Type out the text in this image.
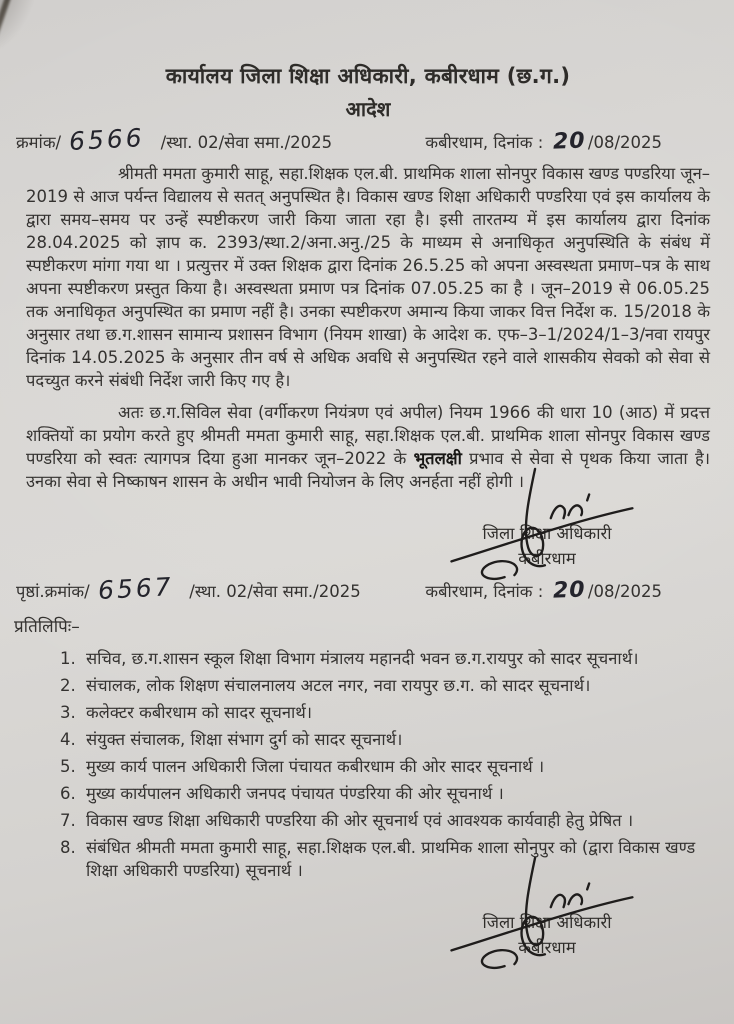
कार्यालय जिला शिक्षा अधिकारी, कबीरधाम (छ.ग.)
आदेश
क्रमांक/ 6566 /स्था. 02/सेवा समा./2025	कबीरधाम, दिनांक : 20/08/2025

श्रीमती ममता कुमारी साहू, सहा.शिक्षक एल.बी. प्राथमिक शाला सोनपुर विकास खण्ड पण्डरिया जून–2019 से आज पर्यन्त विद्यालय से सतत् अनुपस्थित है। विकास खण्ड शिक्षा अधिकारी पण्डरिया एवं इस कार्यालय के द्वारा समय–समय पर उन्हें स्पष्टीकरण जारी किया जाता रहा है। इसी तारतम्य में इस कार्यालय द्वारा दिनांक 28.04.2025 को ज्ञाप क. 2393/स्था.2/अना.अनु./25 के माध्यम से अनाधिकृत अनुपस्थिति के संबंध में स्पष्टीकरण मांगा गया था । प्रत्युत्तर में उक्त शिक्षक द्वारा दिनांक 26.5.25 को अपना अस्वस्थता प्रमाण–पत्र के साथ अपना स्पष्टीकरण प्रस्तुत किया है। अस्वस्थता प्रमाण पत्र दिनांक 07.05.25 का है । जून–2019 से 06.05.25 तक अनाधिकृत अनुपस्थित का प्रमाण नहीं है। उनका स्पष्टीकरण अमान्य किया जाकर वित्त निर्देश क. 15/2018 के अनुसार तथा छ.ग.शासन सामान्य प्रशासन विभाग (नियम शाखा) के आदेश क. एफ–3–1/2024/1–3/नवा रायपुर दिनांक 14.05.2025 के अनुसार तीन वर्ष से अधिक अवधि से अनुपस्थित रहने वाले शासकीय सेवको को सेवा से पदच्युत करने संबंधी निर्देश जारी किए गए है।

अतः छ.ग.सिविल सेवा (वर्गीकरण नियंत्रण एवं अपील) नियम 1966 की धारा 10 (आठ) में प्रदत्त शक्तियों का प्रयोग करते हुए श्रीमती ममता कुमारी साहू, सहा.शिक्षक एल.बी. प्राथमिक शाला सोनपुर विकास खण्ड पण्डरिया को स्वतः त्यागपत्र दिया हुआ मानकर जून–2022 के भूतलक्षी प्रभाव से सेवा से पृथक किया जाता है। उनका सेवा से निष्काषन शासन के अधीन भावी नियोजन के लिए अनर्हता नहीं होगी ।

जिला शिक्षा अधिकारी
कबीरधाम
पृष्ठां.क्रमांक/ 6567 /स्था. 02/सेवा समा./2025	कबीरधाम, दिनांक : 20/08/2025
प्रतिलिपिः–
1. सचिव, छ.ग.शासन स्कूल शिक्षा विभाग मंत्रालय महानदी भवन छ.ग.रायपुर को सादर सूचनार्थ।
2. संचालक, लोक शिक्षण संचालनालय अटल नगर, नवा रायपुर छ.ग. को सादर सूचनार्थ।
3. कलेक्टर कबीरधाम को सादर सूचनार्थ।
4. संयुक्त संचालक, शिक्षा संभाग दुर्ग को सादर सूचनार्थ।
5. मुख्य कार्य पालन अधिकारी जिला पंचायत कबीरधाम की ओर सादर सूचनार्थ ।
6. मुख्य कार्यपालन अधिकारी जनपद पंचायत पंण्डरिया की ओर सूचनार्थ ।
7. विकास खण्ड शिक्षा अधिकारी पण्डरिया की ओर सूचनार्थ एवं आवश्यक कार्यवाही हेतु प्रेषित ।
8. संबंधित श्रीमती ममता कुमारी साहू, सहा.शिक्षक एल.बी. प्राथमिक शाला सोनुपुर को (द्वारा विकास खण्ड शिक्षा अधिकारी पण्डरिया) सूचनार्थ ।
जिला शिक्षा अधिकारी
कबीरधाम
